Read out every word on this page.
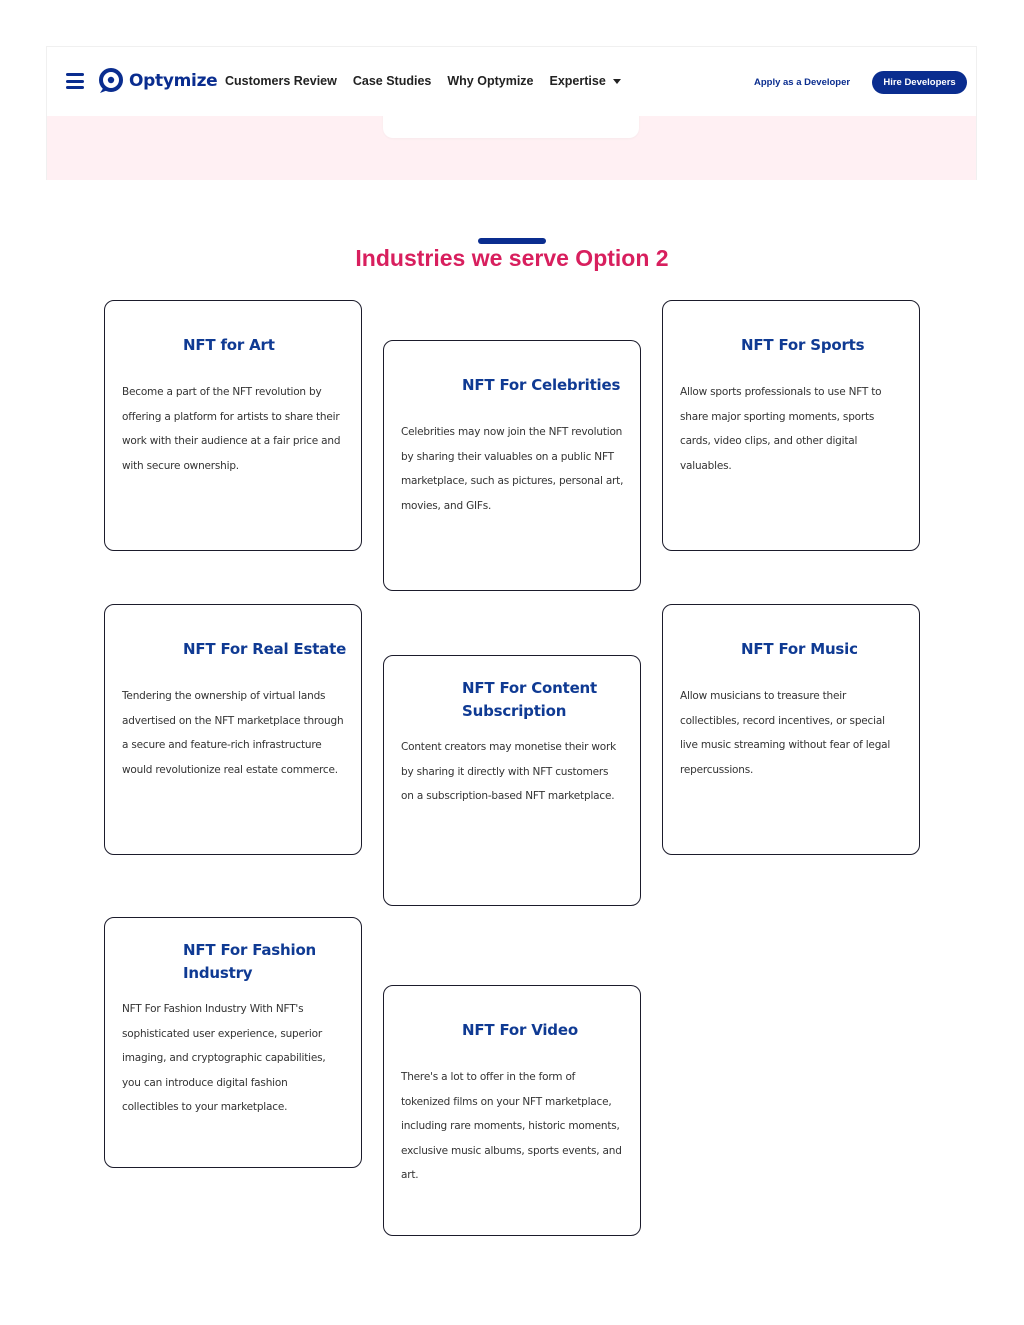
Optymize Customers Review Case Studies Why Optymize Expertise	Apply as a Developer	Hire Developers
Industries we serve Option 2
NFT for Art

Become a part of the NFT revolution by offering a platform for artists to share their work with their audience at a fair price and with secure ownership.

NFT For Celebrities

Celebrities may now join the NFT revolution by sharing their valuables on a public NFT marketplace, such as pictures, personal art, movies, and GIFs.

NFT For Sports

Allow sports professionals to use NFT to share major sporting moments, sports cards, video clips, and other digital valuables.

NFT For Real Estate

Tendering the ownership of virtual lands advertised on the NFT marketplace through a secure and feature-rich infrastructure would revolutionize real estate commerce.

NFT For Content Subscription

Content creators may monetise their work by sharing it directly with NFT customers on a subscription-based NFT marketplace.

NFT For Music

Allow musicians to treasure their collectibles, record incentives, or special live music streaming without fear of legal repercussions.

NFT For Fashion Industry

NFT For Fashion Industry With NFT's sophisticated user experience, superior imaging, and cryptographic capabilities, you can introduce digital fashion collectibles to your marketplace.

NFT For Video

There's a lot to offer in the form of tokenized films on your NFT marketplace, including rare moments, historic moments, exclusive music albums, sports events, and art.
